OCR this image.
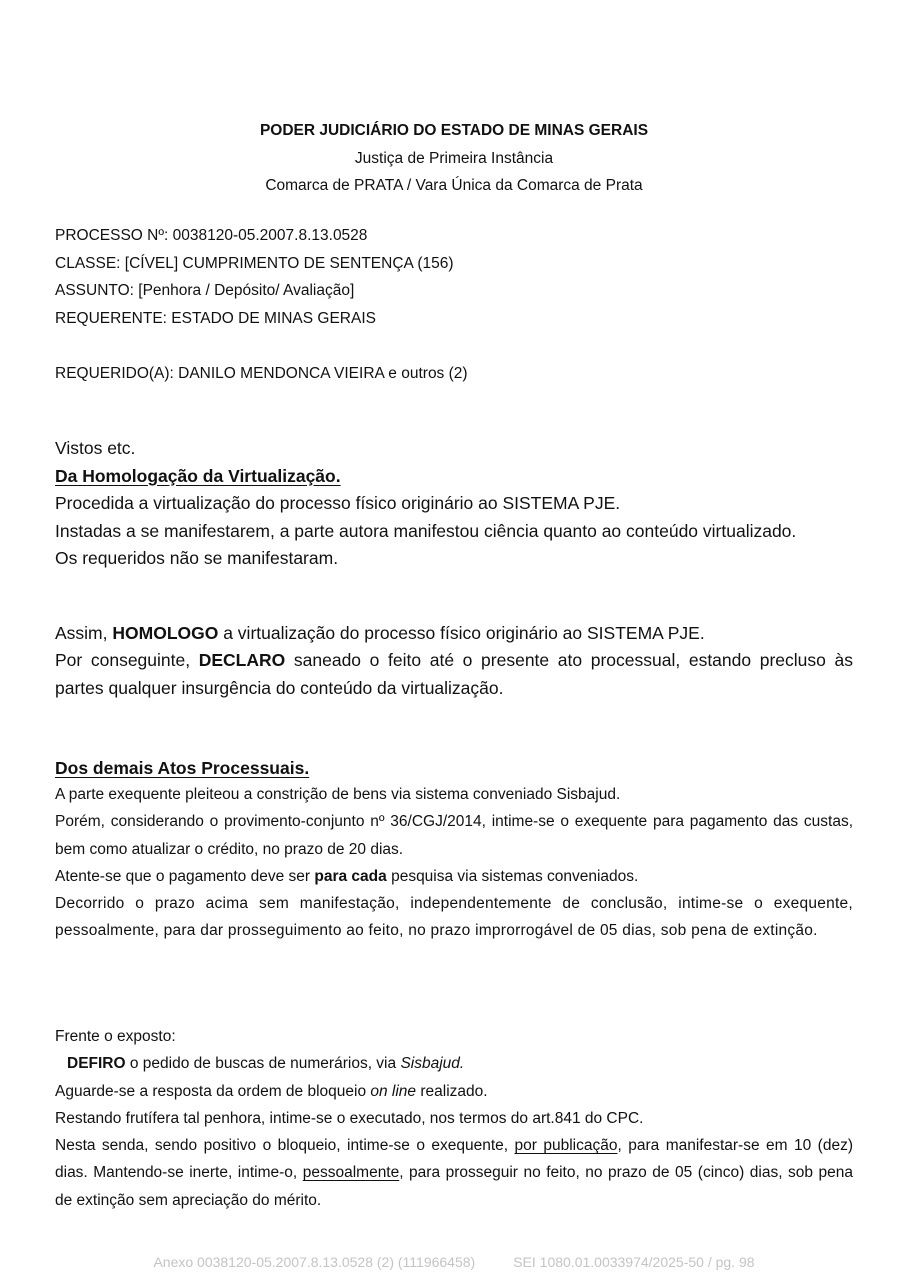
PODER JUDICIÁRIO DO ESTADO DE MINAS GERAIS
Justiça de Primeira Instância
Comarca de PRATA / Vara Única da Comarca de Prata
PROCESSO Nº: 0038120-05.2007.8.13.0528
CLASSE: [CÍVEL] CUMPRIMENTO DE SENTENÇA (156)
ASSUNTO: [Penhora / Depósito/ Avaliação]
REQUERENTE: ESTADO DE MINAS GERAIS
REQUERIDO(A): DANILO MENDONCA VIEIRA e outros (2)
Vistos etc.
Da Homologação da Virtualização.
Procedida a virtualização do processo físico originário ao SISTEMA PJE.
Instadas a se manifestarem, a parte autora manifestou ciência quanto ao conteúdo virtualizado.
Os requeridos não se manifestaram.
Assim, HOMOLOGO a virtualização do processo físico originário ao SISTEMA PJE.
Por conseguinte, DECLARO saneado o feito até o presente ato processual, estando precluso às partes qualquer insurgência do conteúdo da virtualização.
Dos demais Atos Processuais.
A parte exequente pleiteou a constrição de bens via sistema conveniado Sisbajud.
Porém, considerando o provimento-conjunto nº 36/CGJ/2014, intime-se o exequente para pagamento das custas, bem como atualizar o crédito, no prazo de 20 dias.
Atente-se que o pagamento deve ser para cada pesquisa via sistemas conveniados.
Decorrido o prazo acima sem manifestação, independentemente de conclusão, intime-se o exequente, pessoalmente, para dar prosseguimento ao feito, no prazo improrrogável de 05 dias, sob pena de extinção.
Frente o exposto:
DEFIRO o pedido de buscas de numerários, via Sisbajud.
Aguarde-se a resposta da ordem de bloqueio on line realizado.
Restando frutífera tal penhora, intime-se o executado, nos termos do art.841 do CPC.
Nesta senda, sendo positivo o bloqueio, intime-se o exequente, por publicação, para manifestar-se em 10 (dez) dias. Mantendo-se inerte, intime-o, pessoalmente, para prosseguir no feito, no prazo de 05 (cinco) dias, sob pena de extinção sem apreciação do mérito.
Anexo 0038120-05.2007.8.13.0528 (2) (111966458)	SEI 1080.01.0033974/2025-50 / pg. 98
